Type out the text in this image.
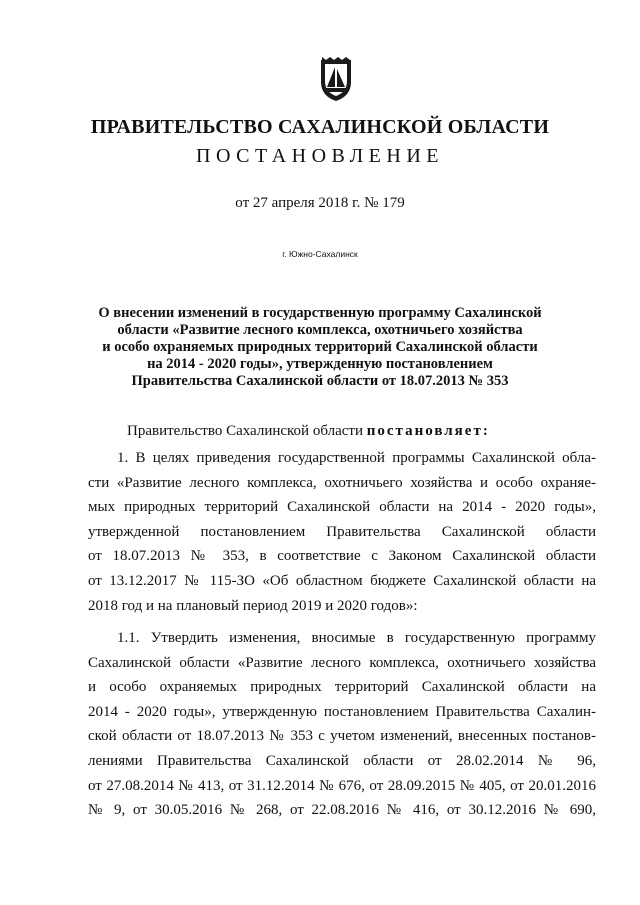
ПРАВИТЕЛЬСТВО САХАЛИНСКОЙ ОБЛАСТИ
ПОСТАНОВЛЕНИЕ
от 27 апреля 2018 г. № 179
г. Южно-Сахалинск
О внесении изменений в государственную программу Сахалинской
области «Развитие лесного комплекса, охотничьего хозяйства
и особо охраняемых природных территорий Сахалинской области
на 2014 - 2020 годы», утвержденную постановлением
Правительства Сахалинской области от 18.07.2013 № 353
Правительство Сахалинской области постановляет:
1. В целях приведения государственной программы Сахалинской обла-
сти «Развитие лесного комплекса, охотничьего хозяйства и особо охраняе-
мых природных территорий Сахалинской области на 2014 - 2020 годы»,
утвержденной постановлением Правительства Сахалинской области
от 18.07.2013 № 353, в соответствие с Законом Сахалинской области
от 13.12.2017 № 115-ЗО «Об областном бюджете Сахалинской области на
2018 год и на плановый период 2019 и 2020 годов»:
1.1. Утвердить изменения, вносимые в государственную программу
Сахалинской области «Развитие лесного комплекса, охотничьего хозяйства
и особо охраняемых природных территорий Сахалинской области на
2014 - 2020 годы», утвержденную постановлением Правительства Сахалин-
ской области от 18.07.2013 № 353 с учетом изменений, внесенных постанов-
лениями Правительства Сахалинской области от 28.02.2014 № 96,
от 27.08.2014 № 413, от 31.12.2014 № 676, от 28.09.2015 № 405, от 20.01.2016
№ 9, от 30.05.2016 № 268, от 22.08.2016 № 416, от 30.12.2016 № 690,
